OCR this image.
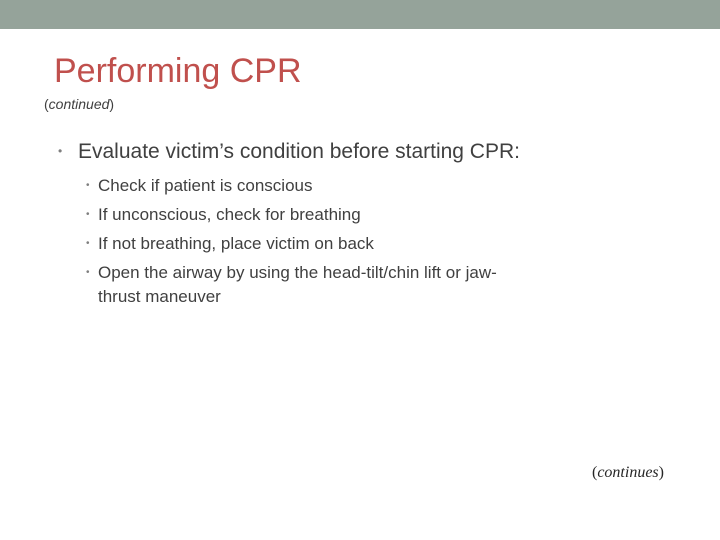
Performing CPR
(continued)
• Evaluate victim’s condition before starting CPR:
• Check if patient is conscious
• If unconscious, check for breathing
• If not breathing, place victim on back
• Open the airway by using the head-tilt/chin lift or jaw-thrust maneuver
(continues)
